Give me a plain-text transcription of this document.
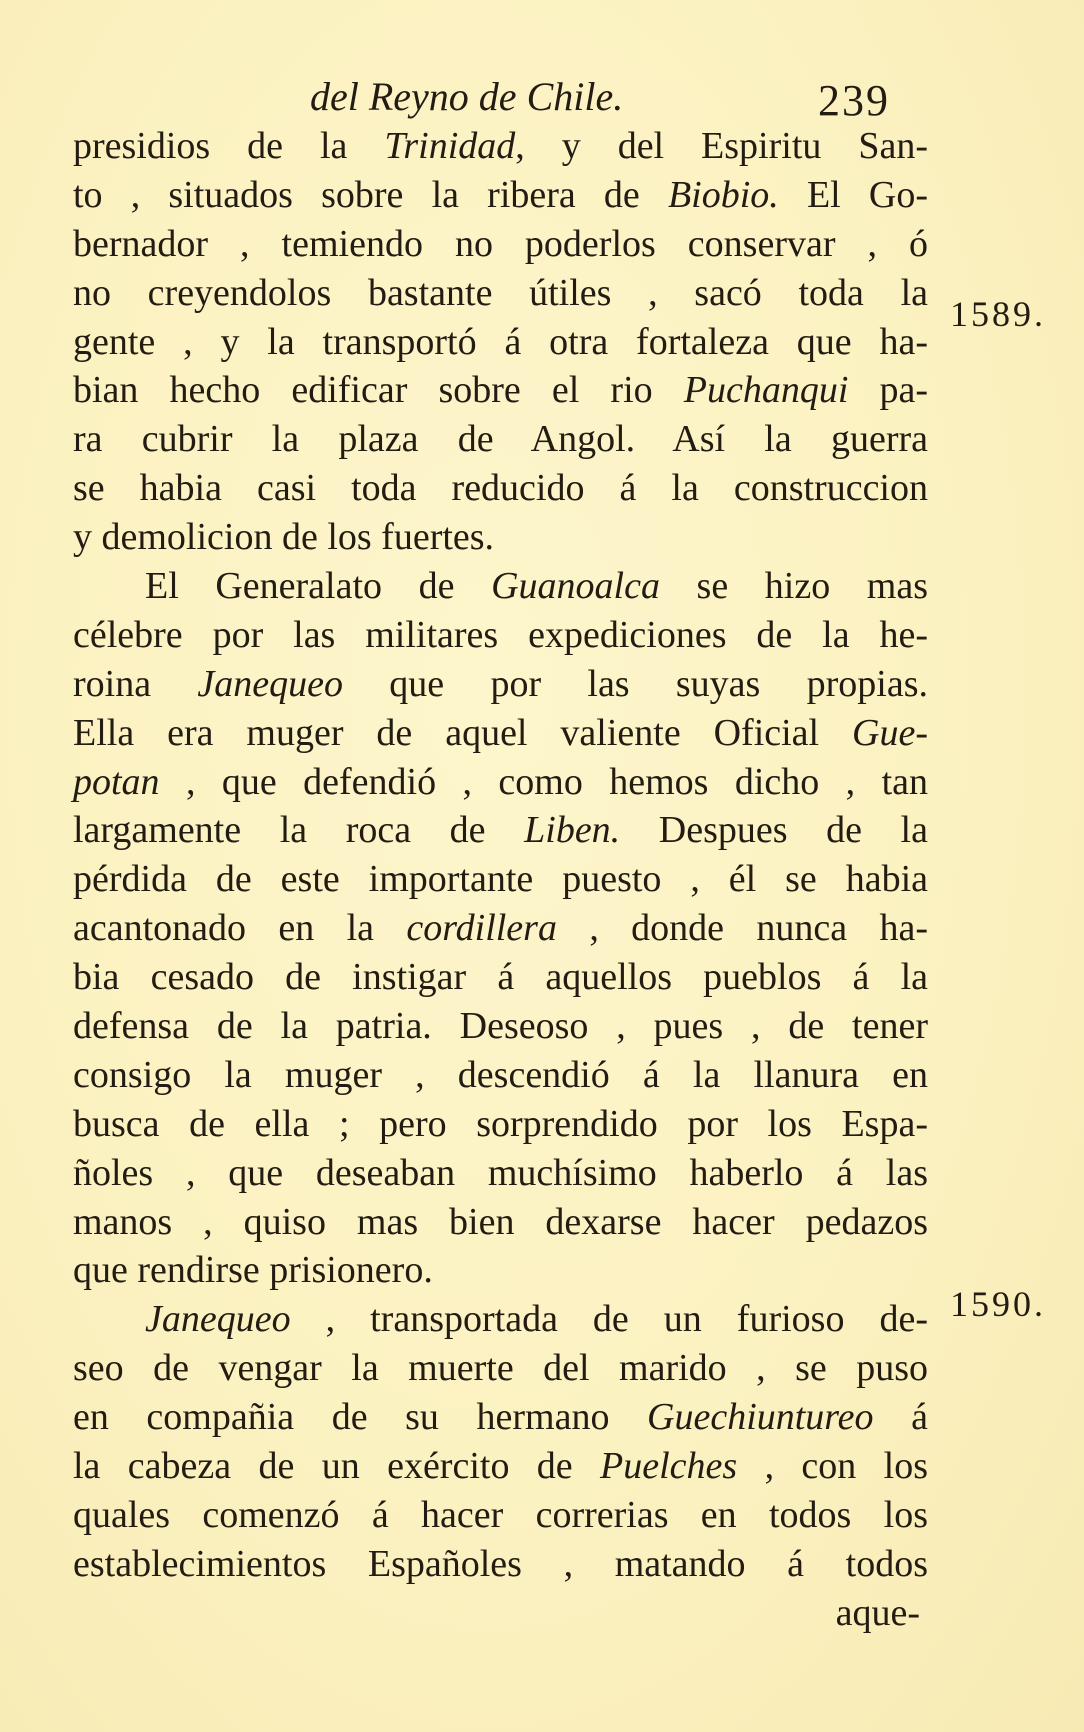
del Reyno de Chile.	239
presidios de la Trinidad, y del Espiritu San-
to , situados sobre la ribera de Biobio. El Go-
bernador , temiendo no poderlos conservar , ó
no creyendolos bastante útiles , sacó toda la
gente , y la transportó á otra fortaleza que ha-
bian hecho edificar sobre el rio Puchanqui pa-
ra cubrir la plaza de Angol. Así la guerra
se habia casi toda reducido á la construccion
y demolicion de los fuertes.
El Generalato de Guanoalca se hizo mas
célebre por las militares expediciones de la he-
roina Janequeo que por las suyas propias.
Ella era muger de aquel valiente Oficial Gue-
potan , que defendió , como hemos dicho , tan
largamente la roca de Liben. Despues de la
pérdida de este importante puesto , él se habia
acantonado en la cordillera , donde nunca ha-
bia cesado de instigar á aquellos pueblos á la
defensa de la patria. Deseoso , pues , de tener
consigo la muger , descendió á la llanura en
busca de ella ; pero sorprendido por los Espa-
ñoles , que deseaban muchísimo haberlo á las
manos , quiso mas bien dexarse hacer pedazos
que rendirse prisionero.
Janequeo , transportada de un furioso de-
seo de vengar la muerte del marido , se puso
en compañia de su hermano Guechiuntureo á
la cabeza de un exército de Puelches , con los
quales comenzó á hacer correrias en todos los
establecimientos Españoles , matando á todos
aque-
1589.
1590.
